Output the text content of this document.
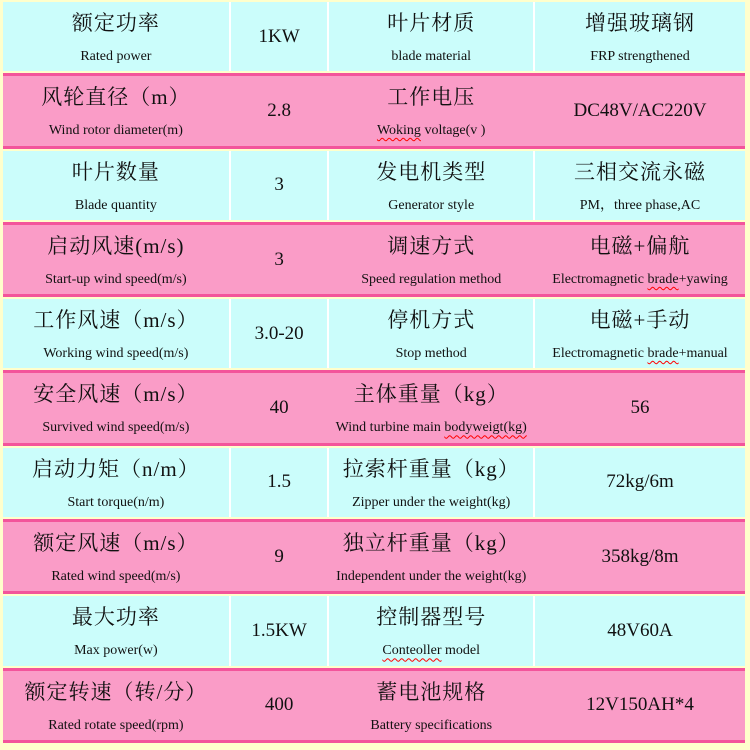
额定功率
Rated power
1KW
叶片材质
blade material
增强玻璃钢
FRP strengthened
风轮直径（m）
Wind rotor diameter(m)
2.8
工作电压
Woking voltage(v )
DC48V/AC220V
叶片数量
Blade quantity
3
发电机类型
Generator style
三相交流永磁
PM，three phase,AC
启动风速(m/s)
Start-up wind speed(m/s)
3
调速方式
Speed regulation method
电磁+偏航
Electromagnetic brade+yawing
工作风速（m/s）
Working wind speed(m/s)
3.0-20
停机方式
Stop method
电磁+手动
Electromagnetic brade+manual
安全风速（m/s）
Survived wind speed(m/s)
40
主体重量（kg）
Wind turbine main bodyweigt(kg)
56
启动力矩（n/m）
Start torque(n/m)
1.5
拉索杆重量（kg）
Zipper under the weight(kg)
72kg/6m
额定风速（m/s）
Rated wind speed(m/s)
9
独立杆重量（kg）
Independent under the weight(kg)
358kg/8m
最大功率
Max power(w)
1.5KW
控制器型号
Conteoller model
48V60A
额定转速（转/分）
Rated rotate speed(rpm)
400
蓄电池规格
Battery specifications
12V150AH*4
